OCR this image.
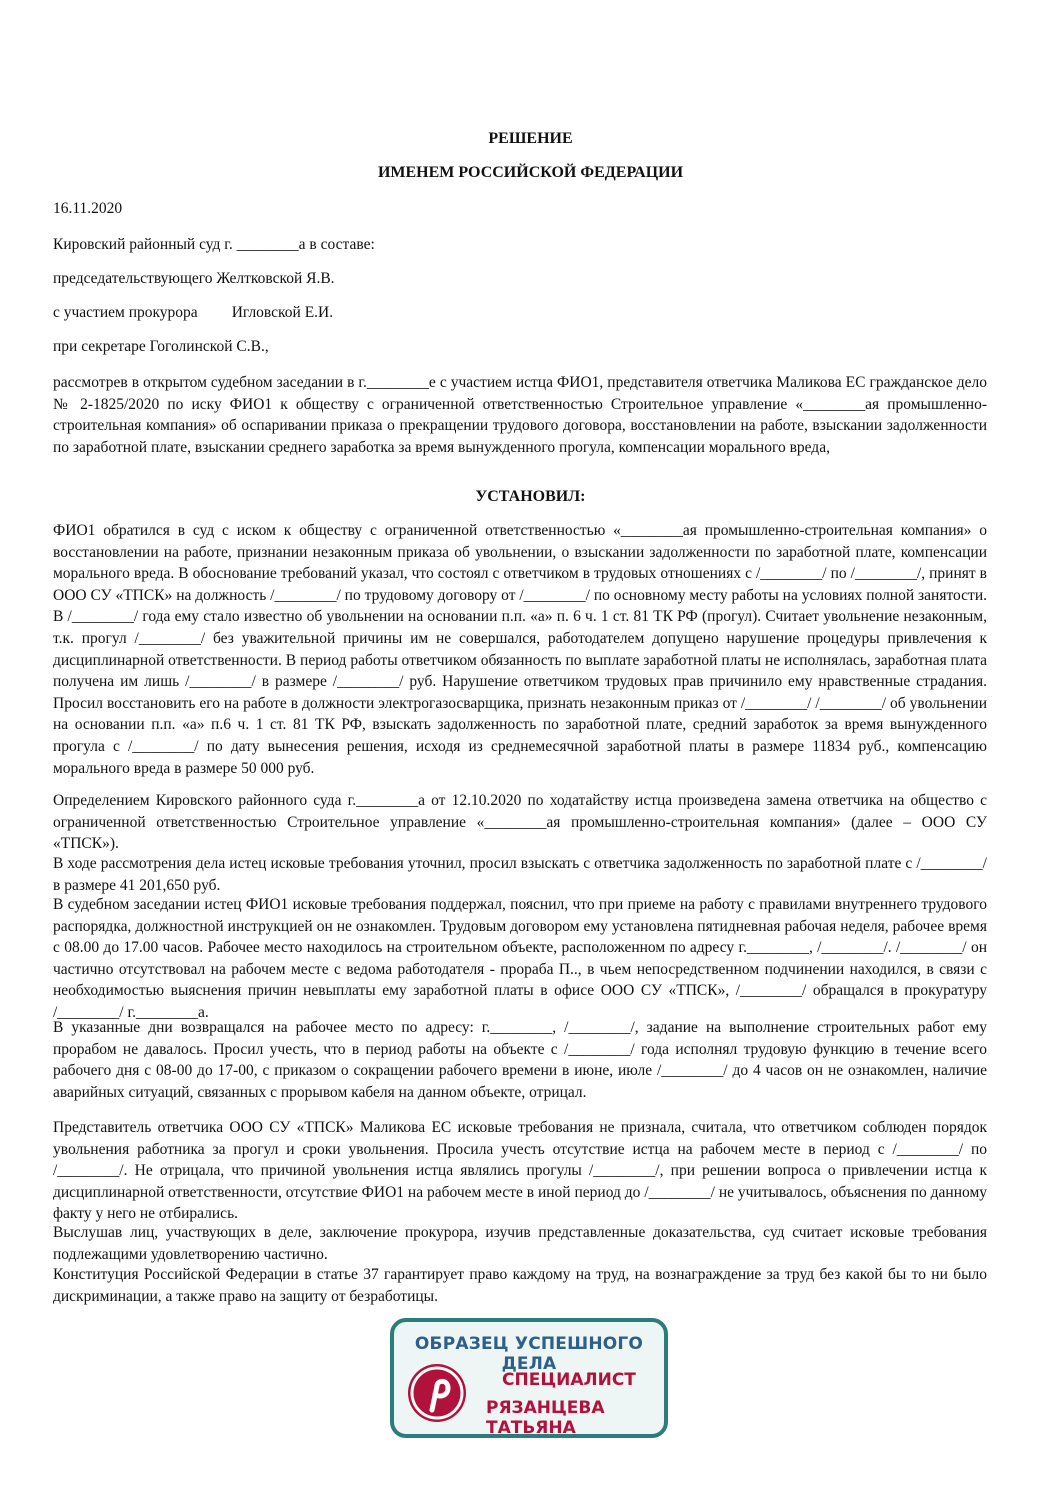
РЕШЕНИЕ
ИМЕНЕМ РОССИЙСКОЙ ФЕДЕРАЦИИ
16.11.2020
Кировский районный суд г. ________а в составе:
председательствующего Желтковской Я.В.
с участием прокурора Игловской Е.И.
при секретаре Гоголинской С.В.,

рассмотрев в открытом судебном заседании в г.________е с участием истца ФИО1, представителя ответчика Маликова ЕС гражданское дело № 2-1825/2020 по иску ФИО1 к обществу с ограниченной ответственностью Строительное управление «________ая промышленно-строительная компания» об оспаривании приказа о прекращении трудового договора, восстановлении на работе, взыскании задолженности по заработной плате, взыскании среднего заработка за время вынужденного прогула, компенсации морального вреда,

УСТАНОВИЛ:

ФИО1 обратился в суд с иском к обществу с ограниченной ответственностью «________ая промышленно-строительная компания» о восстановлении на работе, признании незаконным приказа об увольнении, о взыскании задолженности по заработной плате, компенсации морального вреда. В обоснование требований указал, что состоял с ответчиком в трудовых отношениях с /________/ по /________/, принят в ООО СУ «ТПСК» на должность /________/ по трудовому договору от /________/ по основному месту работы на условиях полной занятости. В /________/ года ему стало известно об увольнении на основании п.п. «а» п. 6 ч. 1 ст. 81 ТК РФ (прогул). Считает увольнение незаконным, т.к. прогул /________/ без уважительной причины им не совершался, работодателем допущено нарушение процедуры привлечения к дисциплинарной ответственности. В период работы ответчиком обязанность по выплате заработной платы не исполнялась, заработная плата получена им лишь /________/ в размере /________/ руб. Нарушение ответчиком трудовых прав причинило ему нравственные страдания. Просил восстановить его на работе в должности электрогазосварщика, признать незаконным приказ от /________/ /________/ об увольнении на основании п.п. «а» п.6 ч. 1 ст. 81 ТК РФ, взыскать задолженность по заработной плате, средний заработок за время вынужденного прогула с /________/ по дату вынесения решения, исходя из среднемесячной заработной платы в размере 11834 руб., компенсацию морального вреда в размере 50 000 руб.

Определением Кировского районного суда г.________а от 12.10.2020 по ходатайству истца произведена замена ответчика на общество с ограниченной ответственностью Строительное управление «________ая промышленно-строительная компания» (далее – ООО СУ «ТПСК»).

В ходе рассмотрения дела истец исковые требования уточнил, просил взыскать с ответчика задолженность по заработной плате с /________/ в размере 41 201,650 руб.

В судебном заседании истец ФИО1 исковые требования поддержал, пояснил, что при приеме на работу с правилами внутреннего трудового распорядка, должностной инструкцией он не ознакомлен. Трудовым договором ему установлена пятидневная рабочая неделя, рабочее время с 08.00 до 17.00 часов. Рабочее место находилось на строительном объекте, расположенном по адресу г.________, /________/. /________/ он частично отсутствовал на рабочем месте с ведома работодателя - прораба П.., в чьем непосредственном подчинении находился, в связи с необходимостью выяснения причин невыплаты ему заработной платы в офисе ООО СУ «ТПСК», /________/ обращался в прокуратуру /________/ г.________а.

В указанные дни возвращался на рабочее место по адресу: г.________, /________/, задание на выполнение строительных работ ему прорабом не давалось. Просил учесть, что в период работы на объекте с /________/ года исполнял трудовую функцию в течение всего рабочего дня с 08-00 до 17-00, с приказом о сокращении рабочего времени в июне, июле /________/ до 4 часов он не ознакомлен, наличие аварийных ситуаций, связанных с прорывом кабеля на данном объекте, отрицал.

Представитель ответчика ООО СУ «ТПСК» Маликова ЕС исковые требования не признала, считала, что ответчиком соблюден порядок увольнения работника за прогул и сроки увольнения. Просила учесть отсутствие истца на рабочем месте в период с /________/ по /________/. Не отрицала, что причиной увольнения истца являлись прогулы /________/, при решении вопроса о привлечении истца к дисциплинарной ответственности, отсутствие ФИО1 на рабочем месте в иной период до /________/ не учитывалось, объяснения по данному факту у него не отбирались.

Выслушав лиц, участвующих в деле, заключение прокурора, изучив представленные доказательства, суд считает исковые требования подлежащими удовлетворению частично.

Конституция Российской Федерации в статье 37 гарантирует право каждому на труд, на вознаграждение за труд без какой бы то ни было дискриминации, а также право на защиту от безработицы.

ОБРАЗЕЦ УСПЕШНОГО ДЕЛА
СПЕЦИАЛИСТ
РЯЗАНЦЕВА ТАТЬЯНА
